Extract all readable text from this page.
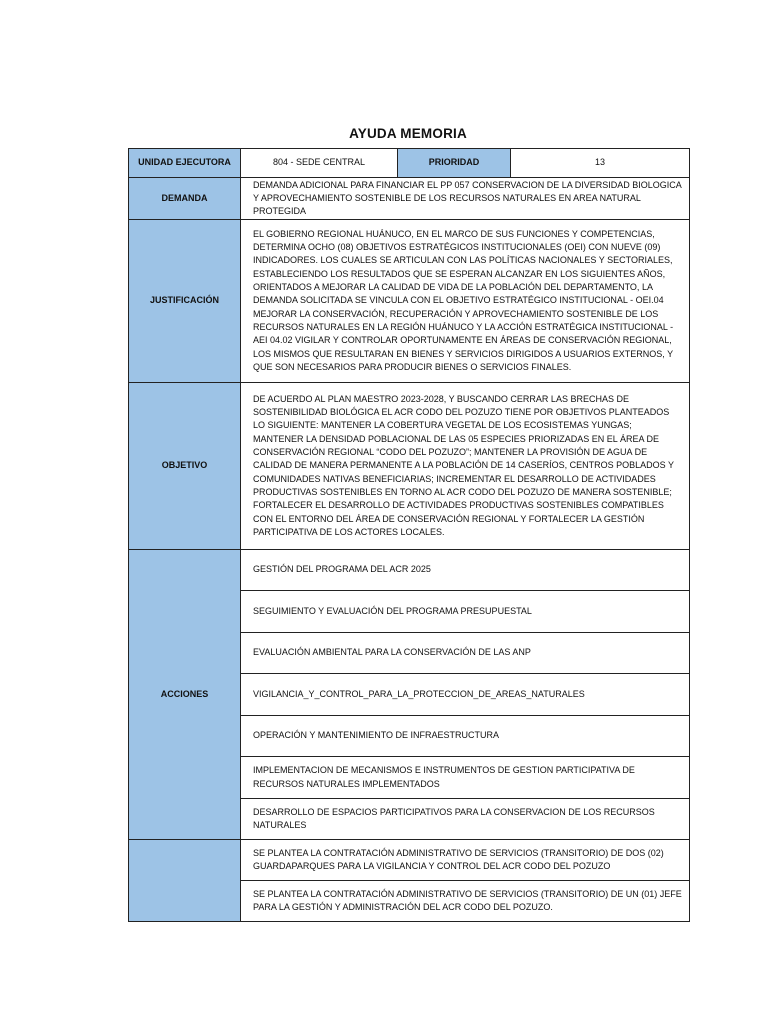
AYUDA MEMORIA
UNIDAD EJECUTORA	804 - SEDE CENTRAL	PRIORIDAD	13
DEMANDA	DEMANDA ADICIONAL PARA FINANCIAR EL PP 057 CONSERVACION DE LA DIVERSIDAD BIOLOGICA Y APROVECHAMIENTO SOSTENIBLE DE LOS RECURSOS NATURALES EN AREA NATURAL PROTEGIDA		
JUSTIFICACIÓN	EL GOBIERNO REGIONAL HUÁNUCO, EN EL MARCO DE SUS FUNCIONES Y COMPETENCIAS, DETERMINA OCHO (08) OBJETIVOS ESTRATÉGICOS INSTITUCIONALES (OEI) CON NUEVE (09) INDICADORES. LOS CUALES SE ARTICULAN CON LAS POLÍTICAS NACIONALES Y SECTORIALES, ESTABLECIENDO LOS RESULTADOS QUE SE ESPERAN ALCANZAR EN LOS SIGUIENTES AÑOS, ORIENTADOS A MEJORAR LA CALIDAD DE VIDA DE LA POBLACIÓN DEL DEPARTAMENTO, LA DEMANDA SOLICITADA SE VINCULA CON EL OBJETIVO ESTRATÉGICO INSTITUCIONAL - OEI.04 MEJORAR LA CONSERVACIÓN, RECUPERACIÓN Y APROVECHAMIENTO SOSTENIBLE DE LOS RECURSOS NATURALES EN LA REGIÓN HUÁNUCO Y LA ACCIÓN ESTRATÉGICA INSTITUCIONAL - AEI 04.02 VIGILAR Y CONTROLAR OPORTUNAMENTE EN ÁREAS DE CONSERVACIÓN REGIONAL, LOS MISMOS QUE RESULTARAN EN BIENES Y SERVICIOS DIRIGIDOS A USUARIOS EXTERNOS, Y QUE SON NECESARIOS PARA PRODUCIR BIENES O SERVICIOS FINALES.		
OBJETIVO	DE ACUERDO AL PLAN MAESTRO 2023-2028, Y BUSCANDO CERRAR LAS BRECHAS DE SOSTENIBILIDAD BIOLÓGICA EL ACR CODO DEL POZUZO TIENE POR OBJETIVOS PLANTEADOS LO SIGUIENTE: MANTENER LA COBERTURA VEGETAL DE LOS ECOSISTEMAS YUNGAS; MANTENER LA DENSIDAD POBLACIONAL DE LAS 05 ESPECIES PRIORIZADAS EN EL ÁREA DE CONSERVACIÓN REGIONAL “CODO DEL POZUZO”; MANTENER LA PROVISIÓN DE AGUA DE CALIDAD DE MANERA PERMANENTE A LA POBLACIÓN DE 14 CASERÍOS, CENTROS POBLADOS Y COMUNIDADES NATIVAS BENEFICIARIAS; INCREMENTAR EL DESARROLLO DE ACTIVIDADES PRODUCTIVAS SOSTENIBLES EN TORNO AL ACR CODO DEL POZUZO DE MANERA SOSTENIBLE; FORTALECER EL DESARROLLO DE ACTIVIDADES PRODUCTIVAS SOSTENIBLES COMPATIBLES CON EL ENTORNO DEL ÁREA DE CONSERVACIÓN REGIONAL Y FORTALECER LA GESTIÓN PARTICIPATIVA DE LOS ACTORES LOCALES.		
ACCIONES	GESTIÓN DEL PROGRAMA DEL ACR 2025		
	SEGUIMIENTO Y EVALUACIÓN DEL PROGRAMA PRESUPUESTAL		
	EVALUACIÓN AMBIENTAL PARA LA CONSERVACIÓN DE LAS ANP		
	VIGILANCIA_Y_CONTROL_PARA_LA_PROTECCION_DE_AREAS_NATURALES		
	OPERACIÓN Y MANTENIMIENTO DE INFRAESTRUCTURA		
	IMPLEMENTACION DE MECANISMOS E INSTRUMENTOS DE GESTION PARTICIPATIVA DE RECURSOS NATURALES IMPLEMENTADOS		
	DESARROLLO DE ESPACIOS PARTICIPATIVOS PARA LA CONSERVACION DE LOS RECURSOS NATURALES		
	SE PLANTEA LA CONTRATACIÓN ADMINISTRATIVO DE SERVICIOS (TRANSITORIO) DE DOS (02) GUARDAPARQUES PARA LA VIGILANCIA Y CONTROL DEL ACR CODO DEL POZUZO		
	SE PLANTEA LA CONTRATACIÓN ADMINISTRATIVO DE SERVICIOS (TRANSITORIO) DE UN (01) JEFE PARA LA GESTIÓN Y ADMINISTRACIÓN DEL ACR CODO DEL POZUZO.		
